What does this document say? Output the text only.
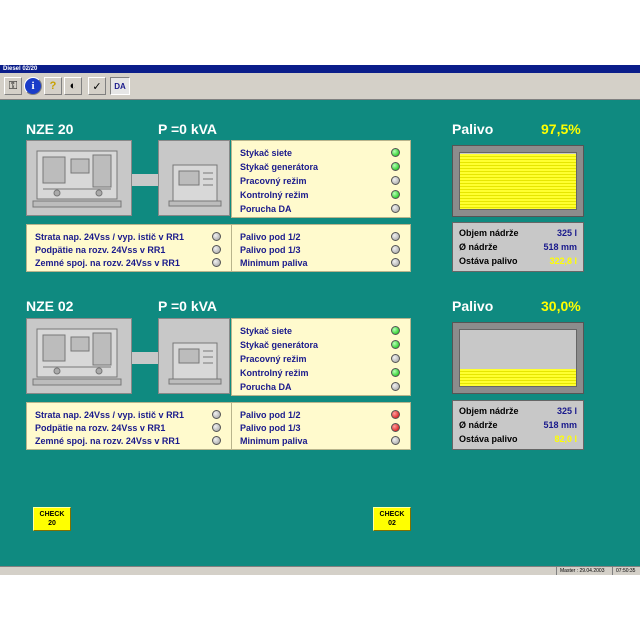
Diesel 02/20
⚿ i ? ◐ ✓ DA
NZE 20	P =0 kVA
Stykač siete
Stykač generátora
Pracovný režim
Kontrolný režim
Porucha DA
Strata nap. 24Vss / vyp. istič v RR1
Podpätie na rozv. 24Vss v RR1
Zemné spoj. na rozv. 24Vss v RR1
Palivo pod 1/2
Palivo pod 1/3
Minimum paliva
Palivo	97,5%
Objem nádrže	325 l
Ø nádrže	518 mm
Ostáva palivo	322,8 l
NZE 02	P =0 kVA
Stykač siete
Stykač generátora
Pracovný režim
Kontrolný režim
Porucha DA
Strata nap. 24Vss / vyp. istič v RR1
Podpätie na rozv. 24Vss v RR1
Zemné spoj. na rozv. 24Vss v RR1
Palivo pod 1/2
Palivo pod 1/3
Minimum paliva
Palivo	30,0%
Objem nádrže	325 l
Ø nádrže	518 mm
Ostáva palivo	82,0 l
CHECK
20
CHECK
02
Master : 29.04.2003	07:50:35
